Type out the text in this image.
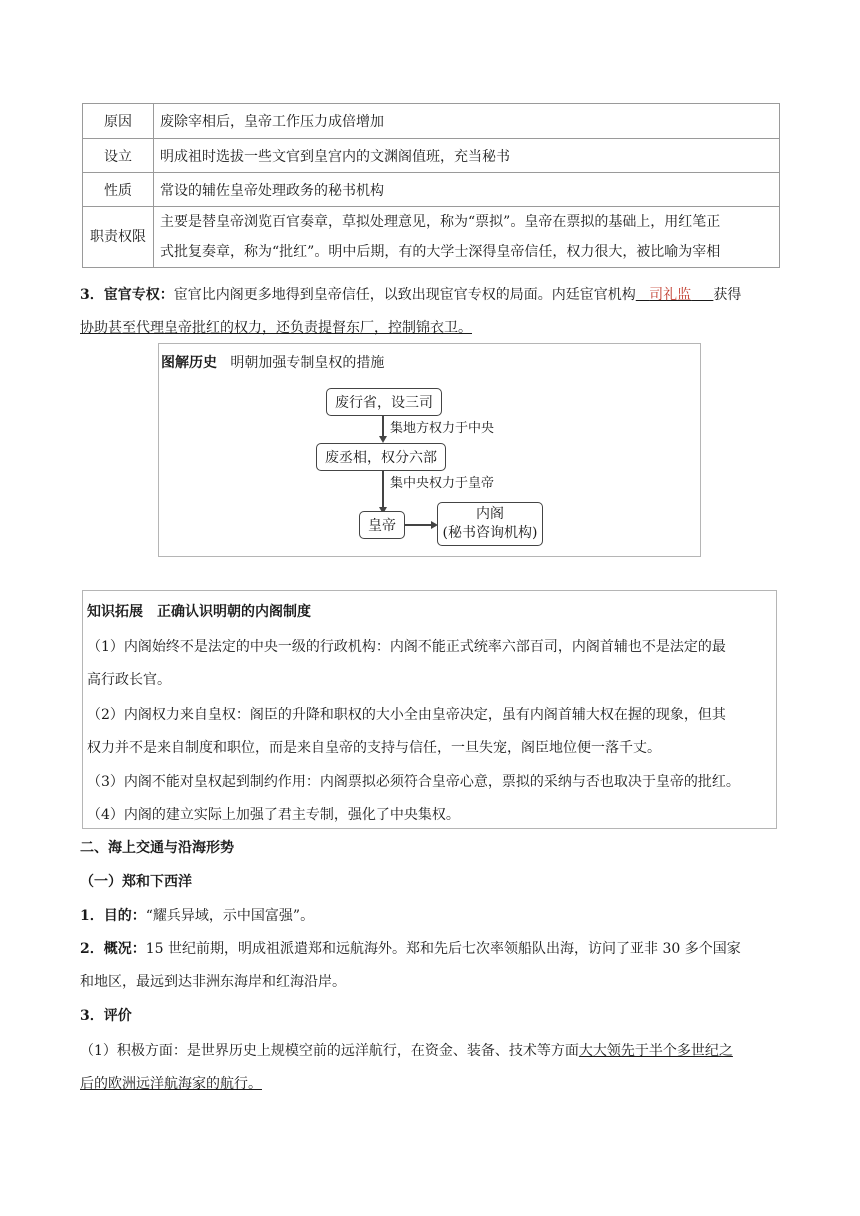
原因	废除宰相后，皇帝工作压力成倍增加
设立	明成祖时选拔一些文官到皇宫内的文渊阁值班，充当秘书
性质	常设的辅佐皇帝处理政务的秘书机构
职责权限	主要是替皇帝浏览百官奏章，草拟处理意见，称为“票拟”。皇帝在票拟的基础上，用红笔正
式批复奏章，称为“批红”。明中后期，有的大学士深得皇帝信任，权力很大，被比喻为宰相
3．宦官专权：宦官比内阁更多地得到皇帝信任，以致出现宦官专权的局面。内廷宦官机构 司礼监 获得
协助甚至代理皇帝批红的权力，还负责提督东厂，控制锦衣卫。
图解历史 明朝加强专制皇权的措施
废行省，设三司
集地方权力于中央
废丞相，权分六部
集中央权力于皇帝
皇帝
内阁
(秘书咨询机构)
知识拓展　正确认识明朝的内阁制度
（1）内阁始终不是法定的中央一级的行政机构：内阁不能正式统率六部百司，内阁首辅也不是法定的最
高行政长官。
（2）内阁权力来自皇权：阁臣的升降和职权的大小全由皇帝决定，虽有内阁首辅大权在握的现象，但其
权力并不是来自制度和职位，而是来自皇帝的支持与信任，一旦失宠，阁臣地位便一落千丈。
（3）内阁不能对皇权起到制约作用：内阁票拟必须符合皇帝心意，票拟的采纳与否也取决于皇帝的批红。
（4）内阁的建立实际上加强了君主专制，强化了中央集权。
二、海上交通与沿海形势
（一）郑和下西洋
1．目的：“耀兵异域，示中国富强”。
2．概况：15 世纪前期，明成祖派遣郑和远航海外。郑和先后七次率领船队出海，访问了亚非 30 多个国家
和地区，最远到达非洲东海岸和红海沿岸。
3．评价
（1）积极方面：是世界历史上规模空前的远洋航行，在资金、装备、技术等方面大大领先于半个多世纪之
后的欧洲远洋航海家的航行。
